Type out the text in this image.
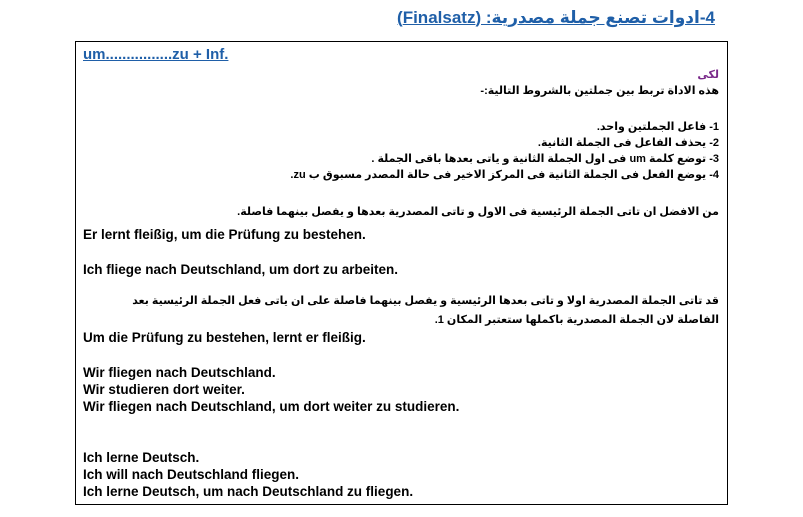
4-ادوات تصنع جملة مصدرية: (Finalsatz)
um................zu + Inf.
لكى
هذه الاداة تربط بين جملتين بالشروط التالية:-
1- فاعل الجملتين واحد.
2- يحذف الفاعل فى الجملة الثانية.
3- توضع كلمة um فى اول الجملة الثانية و ياتى بعدها باقى الجملة .
4- يوضع الفعل فى الجملة الثانية فى المركز الاخير فى حالة المصدر مسبوق ب zu.
من الافضل ان تاتى الجملة الرئيسية فى الاول و تاتى المصدرية بعدها و يفصل بينهما فاصلة.
Er lernt fleißig, um die Prüfung zu bestehen.
Ich fliege nach Deutschland, um dort zu arbeiten.
قد تاتى الجملة المصدرية اولا و تاتى بعدها الرئيسية و يفصل بينهما فاصلة على ان ياتى فعل الجملة الرئيسية بعد الفاصلة لان الجملة المصدرية باكملها ستعتبر المكان 1.
Um die Prüfung zu bestehen, lernt er fleißig.
Wir fliegen nach Deutschland.
Wir studieren dort weiter.
Wir fliegen nach Deutschland, um dort weiter zu studieren.
Ich lerne Deutsch.
Ich will nach Deutschland fliegen.
Ich lerne Deutsch, um nach Deutschland zu fliegen.
